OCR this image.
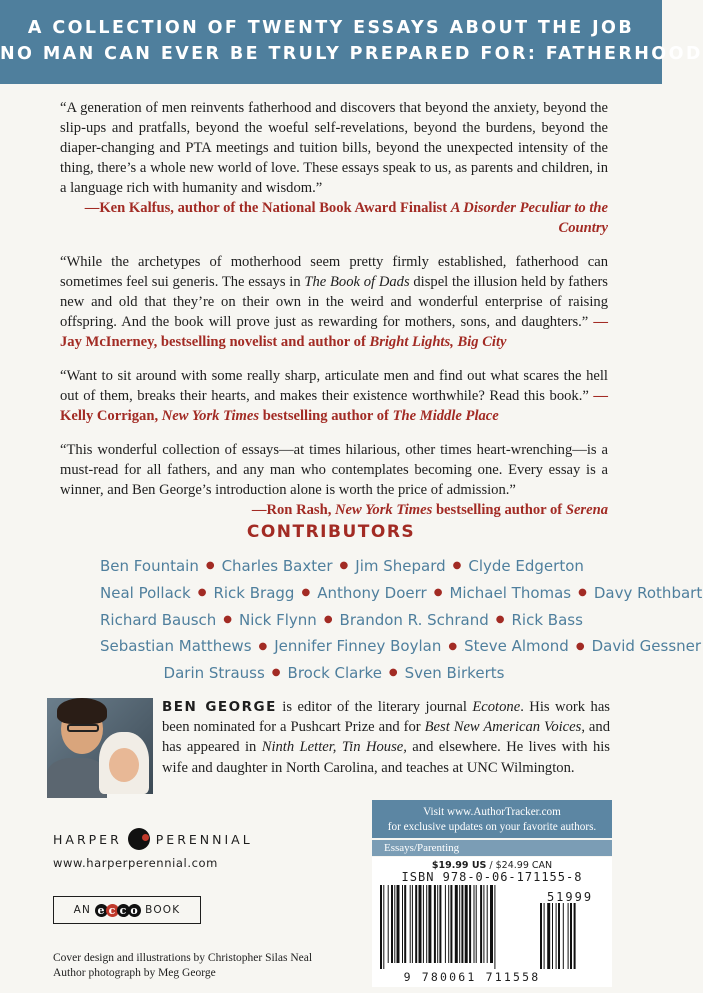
A COLLECTION OF TWENTY ESSAYS ABOUT THE JOB
NO MAN CAN EVER BE TRULY PREPARED FOR: FATHERHOOD

“A generation of men reinvents fatherhood and discovers that beyond the anxiety, beyond the slip-ups and pratfalls, beyond the woeful self-revelations, beyond the burdens, beyond the diaper-changing and PTA meetings and tuition bills, beyond the unexpected intensity of the thing, there’s a whole new world of love. These essays speak to us, as parents and children, in a language rich with humanity and wisdom.”
—Ken Kalfus, author of the National Book Award Finalist A Disorder Peculiar to the Country

“While the archetypes of motherhood seem pretty firmly established, fatherhood can sometimes feel sui generis. The essays in The Book of Dads dispel the illusion held by fathers new and old that they’re on their own in the weird and wonderful enterprise of raising offspring. And the book will prove just as rewarding for mothers, sons, and daughters.” —Jay McInerney, bestselling novelist and author of Bright Lights, Big City

“Want to sit around with some really sharp, articulate men and find out what scares the hell out of them, breaks their hearts, and makes their existence worthwhile? Read this book.” —Kelly Corrigan, New York Times bestselling author of The Middle Place

“This wonderful collection of essays—at times hilarious, other times heart-wrenching—is a must-read for all fathers, and any man who contemplates becoming one. Every essay is a winner, and Ben George’s introduction alone is worth the price of admission.”
—Ron Rash, New York Times bestselling author of Serena

CONTRIBUTORS
Ben Fountain ● Charles Baxter ● Jim Shepard ● Clyde Edgerton
Neal Pollack ● Rick Bragg ● Anthony Doerr ● Michael Thomas ● Davy Rothbart
Richard Bausch ● Nick Flynn ● Brandon R. Schrand ● Rick Bass
Sebastian Matthews ● Jennifer Finney Boylan ● Steve Almond ● David Gessner
Darin Strauss ● Brock Clarke ● Sven Birkerts
BEN GEORGE is editor of the literary journal Ecotone. His work has been nominated for a Pushcart Prize and for Best New American Voices, and has appeared in Ninth Letter, Tin House, and elsewhere. He lives with his wife and daughter in North Carolina, and teaches at UNC Wilmington.
HARPER	PERENNIAL
www.harperperennial.com
AN e c c o BOOK
Cover design and illustrations by Christopher Silas Neal
Author photograph by Meg George
Visit www.AuthorTracker.com
for exclusive updates on your favorite authors.
Essays/Parenting
$19.99 US / $24.99 CAN
ISBN 978-0-06-171155-8
51999
9 780061 711558
